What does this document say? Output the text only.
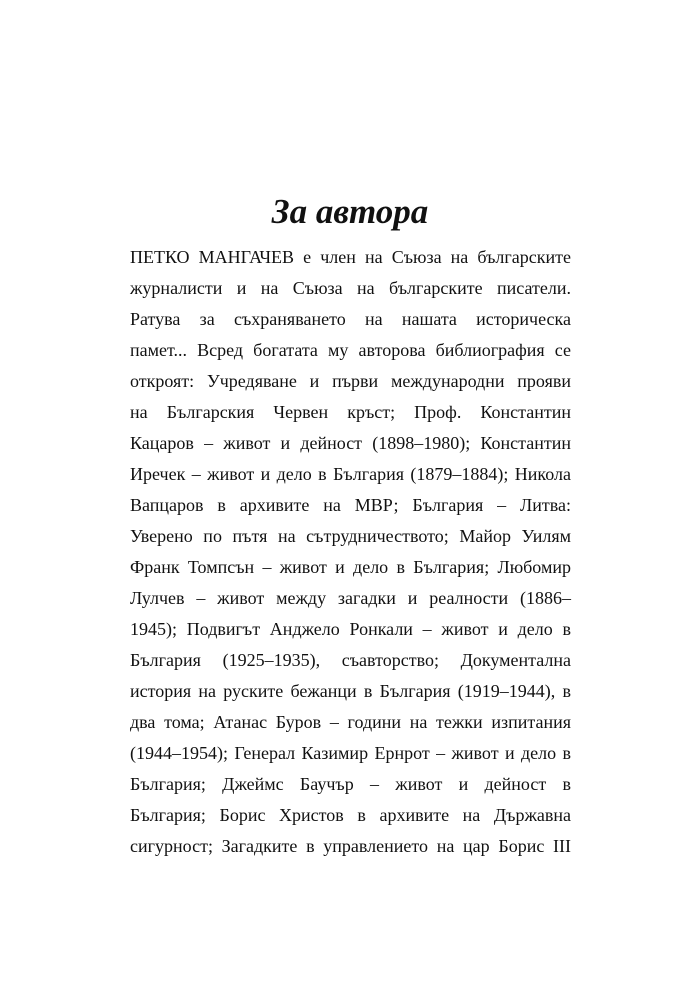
За автора
ПЕТКО МАНГАЧЕВ е член на Съюза на българските
журналисти и на Съюза на българските писатели.
Ратува за съхраняването на нашата историческа
памет... Всред богатата му авторова библиография се
откроят: Учредяване и първи международни прояви
на Българския Червен кръст; Проф. Константин
Кацаров – живот и дейност (1898–1980); Константин
Иречек – живот и дело в България (1879–1884); Никола
Вапцаров в архивите на МВР; България – Литва:
Уверено по пътя на сътрудничеството; Майор Уилям
Франк Томпсън – живот и дело в България; Любомир
Лулчев – живот между загадки и реалности (1886–
1945); Подвигът Анджело Ронкали – живот и дело в
България (1925–1935), съавторство; Документална
история на руските бежанци в България (1919–1944), в
два тома; Атанас Буров – години на тежки изпитания
(1944–1954); Генерал Казимир Ернрот – живот и дело в
България; Джеймс Баучър – живот и дейност в
България; Борис Христов в архивите на Държавна
сигурност; Загадките в управлението на цар Борис III
